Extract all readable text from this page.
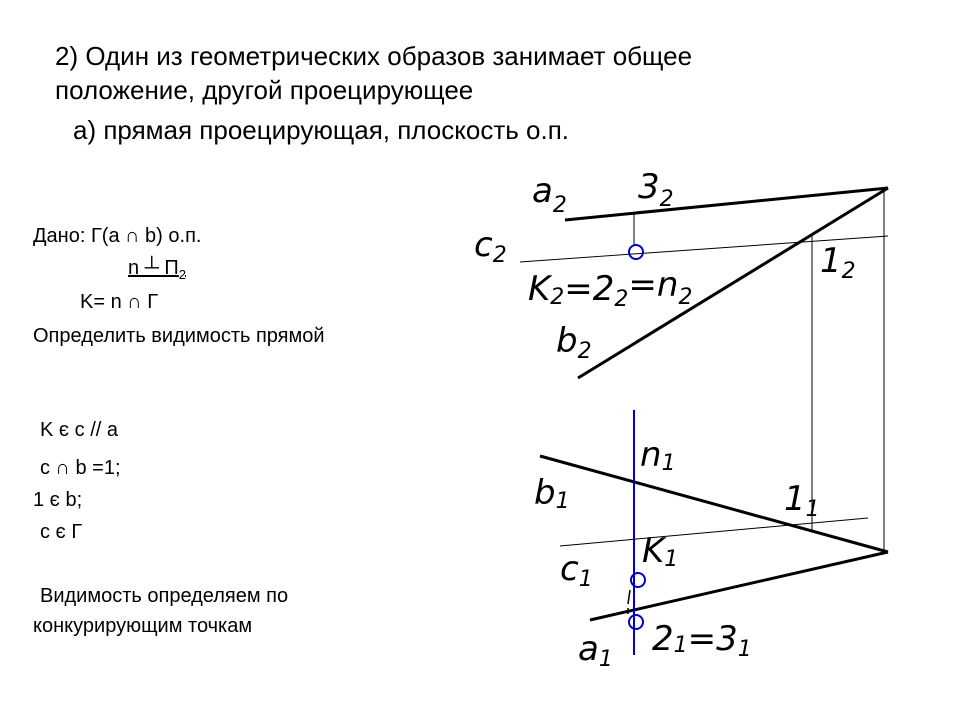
2) Один из геометрических образов занимает общее
положение, другой проецирующее
а) прямая проецирующая, плоскость о.п.
Дано: Г(a ∩ b) о.п.
n ┴ $П_2$
K= n ∩ Г
Определить видимость прямой
K є c // a
c ∩ b =1;
1 є b;
c є Г
Видимость определяем по
конкурирующим точкам
$a_2$ $3_2$
c2
$K2=22=n_2$
12
b2
n1
b1	11
K1
c1
a1
21=31
